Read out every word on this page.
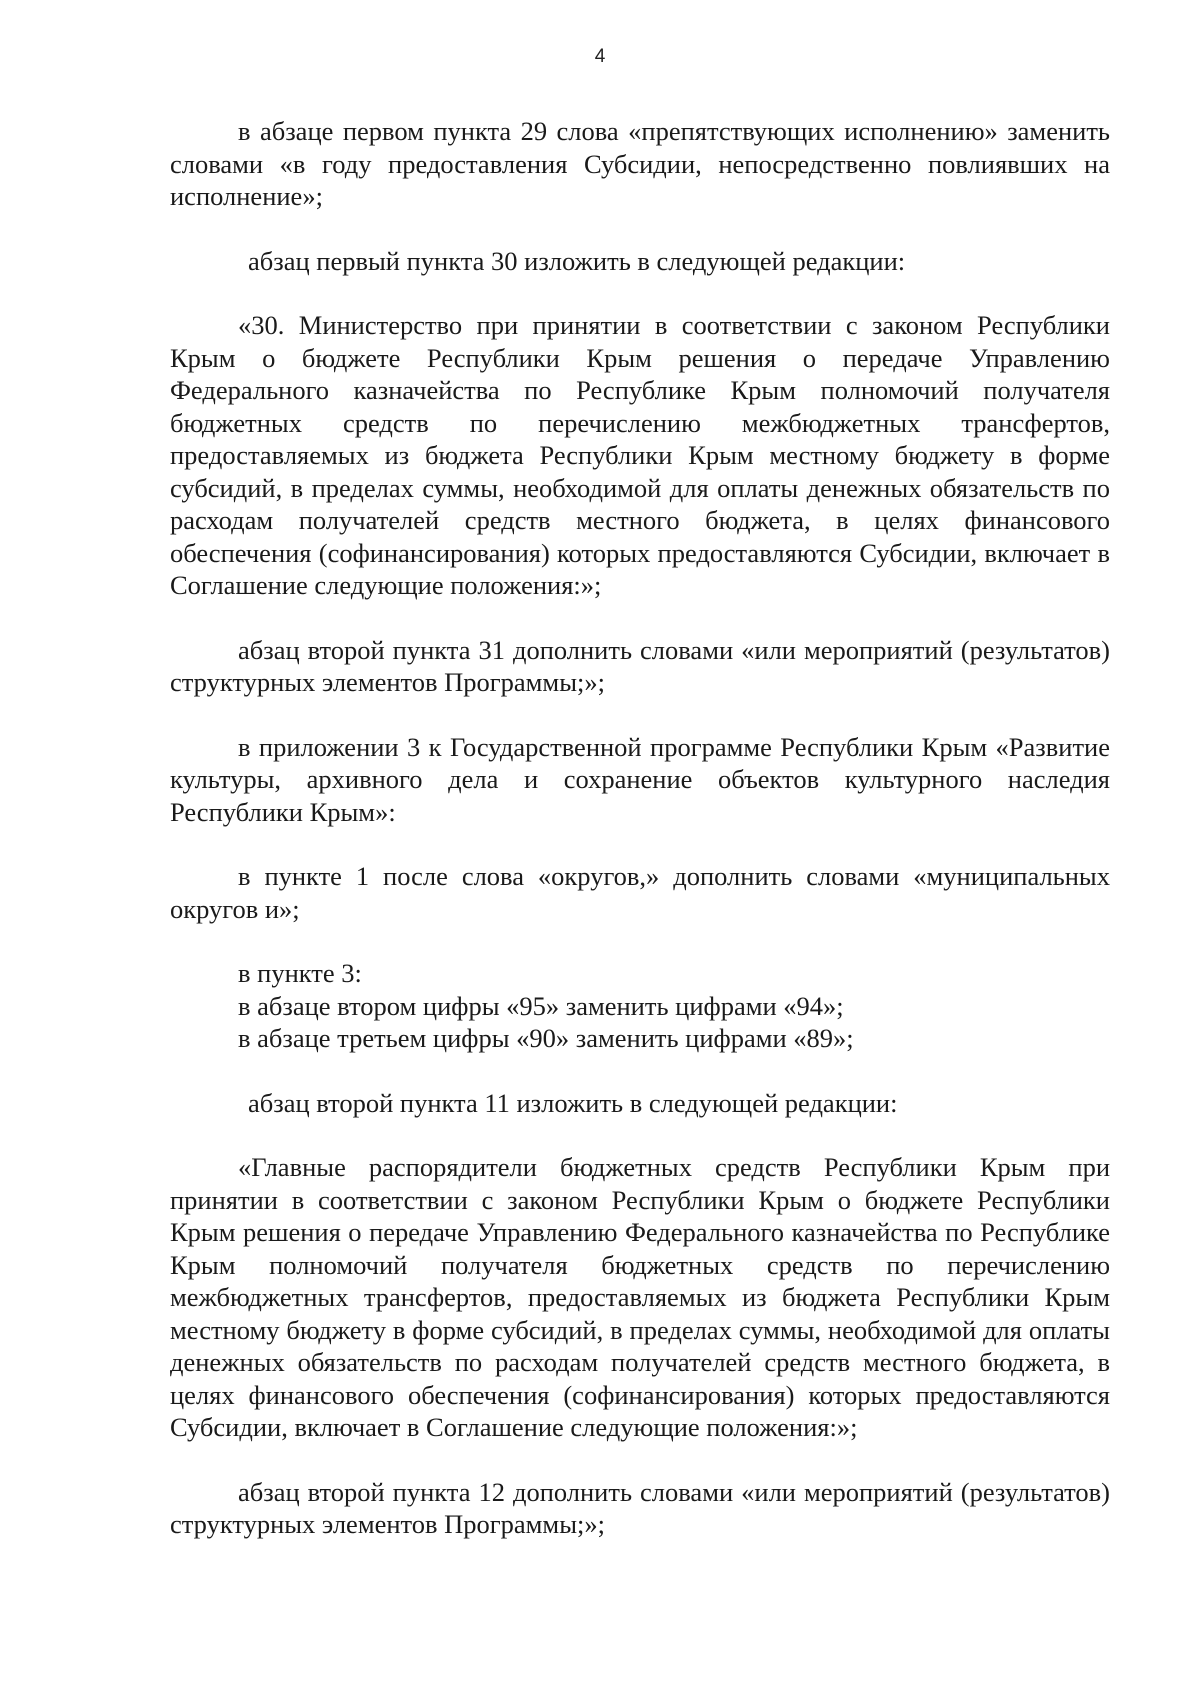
4

в абзаце первом пункта 29 слова «препятствующих исполнению» заменить словами «в году предоставления Субсидии, непосредственно повлиявших на исполнение»;

абзац первый пункта 30 изложить в следующей редакции:

«30. Министерство при принятии в соответствии с законом Республики Крым о бюджете Республики Крым решения о передаче Управлению Федерального казначейства по Республике Крым полномочий получателя бюджетных средств по перечислению межбюджетных трансфертов, предоставляемых из бюджета Республики Крым местному бюджету в форме субсидий, в пределах суммы, необходимой для оплаты денежных обязательств по расходам получателей средств местного бюджета, в целях финансового обеспечения (софинансирования) которых предоставляются Субсидии, включает в Соглашение следующие положения:»;

абзац второй пункта 31 дополнить словами «или мероприятий (результатов) структурных элементов Программы;»;

в приложении 3 к Государственной программе Республики Крым «Развитие культуры, архивного дела и сохранение объектов культурного наследия Республики Крым»:

в пункте 1 после слова «округов,» дополнить словами «муниципальных округов и»;

в пункте 3:

в абзаце втором цифры «95» заменить цифрами «94»;

в абзаце третьем цифры «90» заменить цифрами «89»;

абзац второй пункта 11 изложить в следующей редакции:

«Главные распорядители бюджетных средств Республики Крым при принятии в соответствии с законом Республики Крым о бюджете Республики Крым решения о передаче Управлению Федерального казначейства по Республике Крым полномочий получателя бюджетных средств по перечислению межбюджетных трансфертов, предоставляемых из бюджета Республики Крым местному бюджету в форме субсидий, в пределах суммы, необходимой для оплаты денежных обязательств по расходам получателей средств местного бюджета, в целях финансового обеспечения (софинансирования) которых предоставляются Субсидии, включает в Соглашение следующие положения:»;

абзац второй пункта 12 дополнить словами «или мероприятий (результатов) структурных элементов Программы;»;
